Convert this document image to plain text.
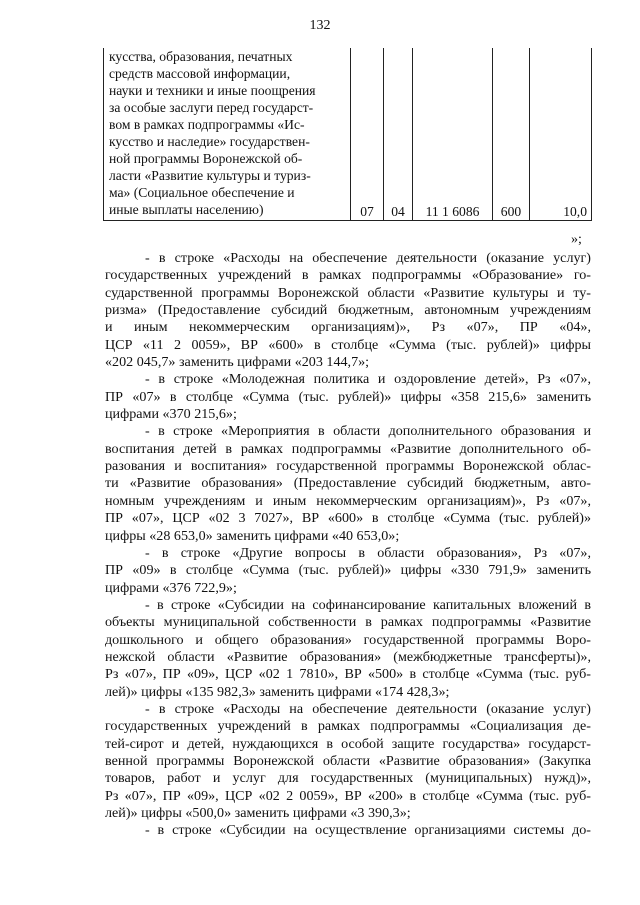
132
кусства, образования, печатных
средств массовой информации,
науки и техники и иные поощрения
за особые заслуги перед государст-
вом в рамках подпрограммы «Ис-
кусство и наследие» государствен-
ной программы Воронежской об-
ласти «Развитие культуры и туриз-
ма» (Социальное обеспечение и
иные выплаты населению)	07	04	11 1 6086	600	10,0
»;
- в строке «Расходы на обеспечение деятельности (оказание услуг)
государственных учреждений в рамках подпрограммы «Образование» го-
сударственной программы Воронежской области «Развитие культуры и ту-
ризма» (Предоставление субсидий бюджетным, автономным учреждениям
и иным некоммерческим организациям)», Рз «07», ПР «04»,
ЦСР «11 2 0059», ВР «600» в столбце «Сумма (тыс. рублей)» цифры
«202 045,7» заменить цифрами «203 144,7»;
- в строке «Молодежная политика и оздоровление детей», Рз «07»,
ПР «07» в столбце «Сумма (тыс. рублей)» цифры «358 215,6» заменить
цифрами «370 215,6»;
- в строке «Мероприятия в области дополнительного образования и
воспитания детей в рамках подпрограммы «Развитие дополнительного об-
разования и воспитания» государственной программы Воронежской облас-
ти «Развитие образования» (Предоставление субсидий бюджетным, авто-
номным учреждениям и иным некоммерческим организациям)», Рз «07»,
ПР «07», ЦСР «02 3 7027», ВР «600» в столбце «Сумма (тыс. рублей)»
цифры «28 653,0» заменить цифрами «40 653,0»;
- в строке «Другие вопросы в области образования», Рз «07»,
ПР «09» в столбце «Сумма (тыс. рублей)» цифры «330 791,9» заменить
цифрами «376 722,9»;
- в строке «Субсидии на софинансирование капитальных вложений в
объекты муниципальной собственности в рамках подпрограммы «Развитие
дошкольного и общего образования» государственной программы Воро-
нежской области «Развитие образования» (межбюджетные трансферты)»,
Рз «07», ПР «09», ЦСР «02 1 7810», ВР «500» в столбце «Сумма (тыс. руб-
лей)» цифры «135 982,3» заменить цифрами «174 428,3»;
- в строке «Расходы на обеспечение деятельности (оказание услуг)
государственных учреждений в рамках подпрограммы «Социализация де-
тей-сирот и детей, нуждающихся в особой защите государства» государст-
венной программы Воронежской области «Развитие образования» (Закупка
товаров, работ и услуг для государственных (муниципальных) нужд)»,
Рз «07», ПР «09», ЦСР «02 2 0059», ВР «200» в столбце «Сумма (тыс. руб-
лей)» цифры «500,0» заменить цифрами «3 390,3»;
- в строке «Субсидии на осуществление организациями системы до-
